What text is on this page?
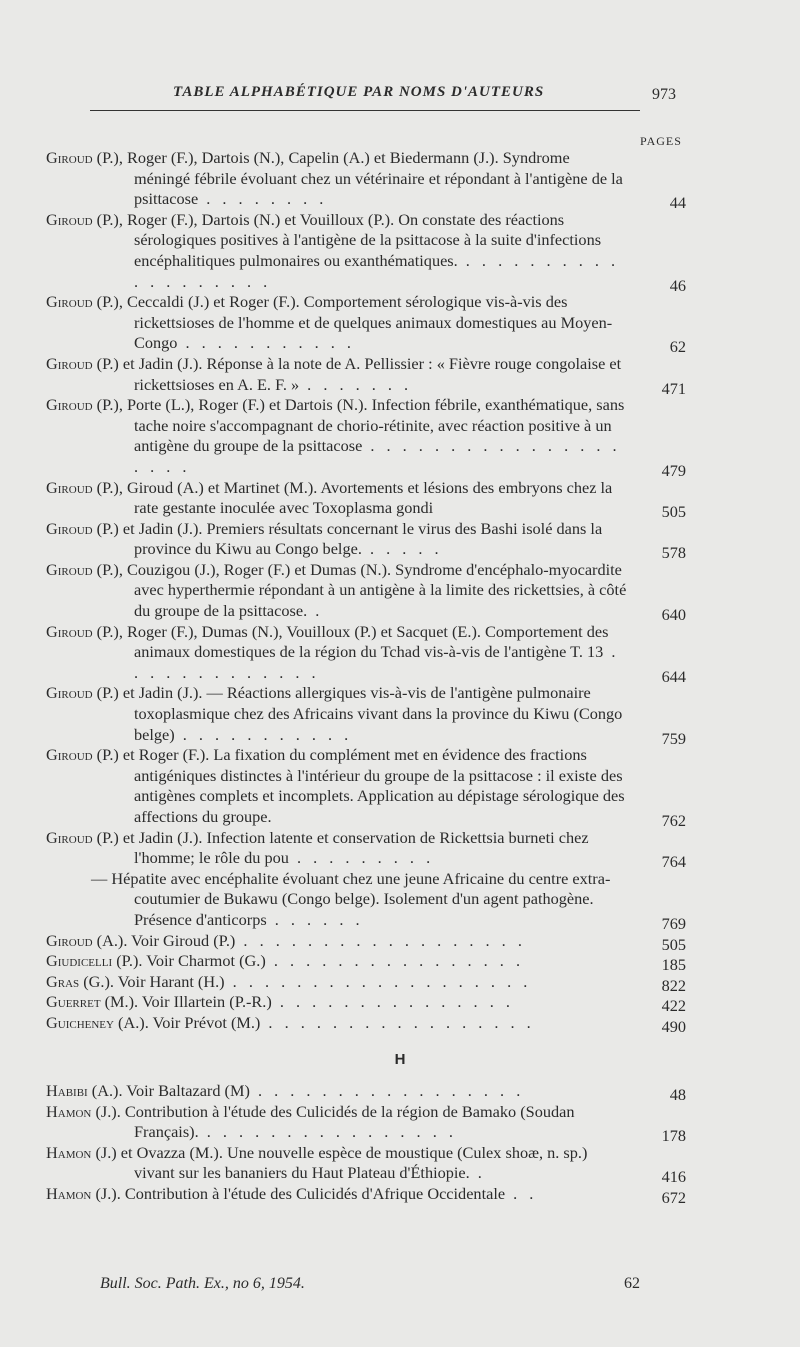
TABLE ALPHABÉTIQUE PAR NOMS D'AUTEURS	973
PAGES
Giroud (P.), Roger (F.), Dartois (N.), Capelin (A.) et Biedermann (J.). Syndrome méningé fébrile évoluant chez un vétérinaire et répondant à l'antigène de la psittacose . . . . . . . .	44
Giroud (P.), Roger (F.), Dartois (N.) et Vouilloux (P.). On constate des réactions sérologiques positives à l'antigène de la psittacose à la suite d'infections encéphalitiques pulmonaires ou exanthématiques. . . . . . . . . . . . . . . . . . . .	46
Giroud (P.), Ceccaldi (J.) et Roger (F.). Comportement sérologique vis-à-vis des rickettsioses de l'homme et de quelques animaux domestiques au Moyen-Congo . . . . . . . . . . .	62
Giroud (P.) et Jadin (J.). Réponse à la note de A. Pellissier : « Fièvre rouge congolaise et rickettsioses en A. E. F. » . . . . . . .	471
Giroud (P.), Porte (L.), Roger (F.) et Dartois (N.). Infection fébrile, exanthématique, sans tache noire s'accompagnant de chorio-rétinite, avec réaction positive à un antigène du groupe de la psittacose . . . . . . . . . . . . . . . . . . . .	479
Giroud (P.), Giroud (A.) et Martinet (M.). Avortements et lésions des embryons chez la rate gestante inoculée avec Toxoplasma gondi	505
Giroud (P.) et Jadin (J.). Premiers résultats concernant le virus des Bashi isolé dans la province du Kiwu au Congo belge. . . . . .	578
Giroud (P.), Couzigou (J.), Roger (F.) et Dumas (N.). Syndrome d'encéphalo-myocardite avec hyperthermie répondant à un antigène à la limite des rickettsies, à côté du groupe de la psittacose. .	640
Giroud (P.), Roger (F.), Dumas (N.), Vouilloux (P.) et Sacquet (E.). Comportement des animaux domestiques de la région du Tchad vis-à-vis de l'antigène T. 13 . . . . . . . . . . . . .	644
Giroud (P.) et Jadin (J.). — Réactions allergiques vis-à-vis de l'antigène pulmonaire toxoplasmique chez des Africains vivant dans la province du Kiwu (Congo belge) . . . . . . . . . . .	759
Giroud (P.) et Roger (F.). La fixation du complément met en évidence des fractions antigéniques distinctes à l'intérieur du groupe de la psittacose : il existe des antigènes complets et incomplets. Application au dépistage sérologique des affections du groupe.	762
Giroud (P.) et Jadin (J.). Infection latente et conservation de Rickettsia burneti chez l'homme; le rôle du pou . . . . . . . . .	764
— Hépatite avec encéphalite évoluant chez une jeune Africaine du centre extra-coutumier de Bukawu (Congo belge). Isolement d'un agent pathogène. Présence d'anticorps . . . . . .	769
Giroud (A.). Voir Giroud (P.) . . . . . . . . . . . . . . . . . .	505
Giudicelli (P.). Voir Charmot (G.) . . . . . . . . . . . . . . . .	185
Gras (G.). Voir Harant (H.) . . . . . . . . . . . . . . . . . . .	822
Guerret (M.). Voir Illartein (P.-R.) . . . . . . . . . . . . . . .	422
Guicheney (A.). Voir Prévot (M.) . . . . . . . . . . . . . . . . .	490
H
Habibi (A.). Voir Baltazard (M) . . . . . . . . . . . . . . . . .	48
Hamon (J.). Contribution à l'étude des Culicidés de la région de Bamako (Soudan Français). . . . . . . . . . . . . . . . .	178
Hamon (J.) et Ovazza (M.). Une nouvelle espèce de moustique (Culex shoæ, n. sp.) vivant sur les bananiers du Haut Plateau d'Éthiopie. .	416
Hamon (J.). Contribution à l'étude des Culicidés d'Afrique Occidentale . .	672
Bull. Soc. Path. Ex., no 6, 1954.	62
